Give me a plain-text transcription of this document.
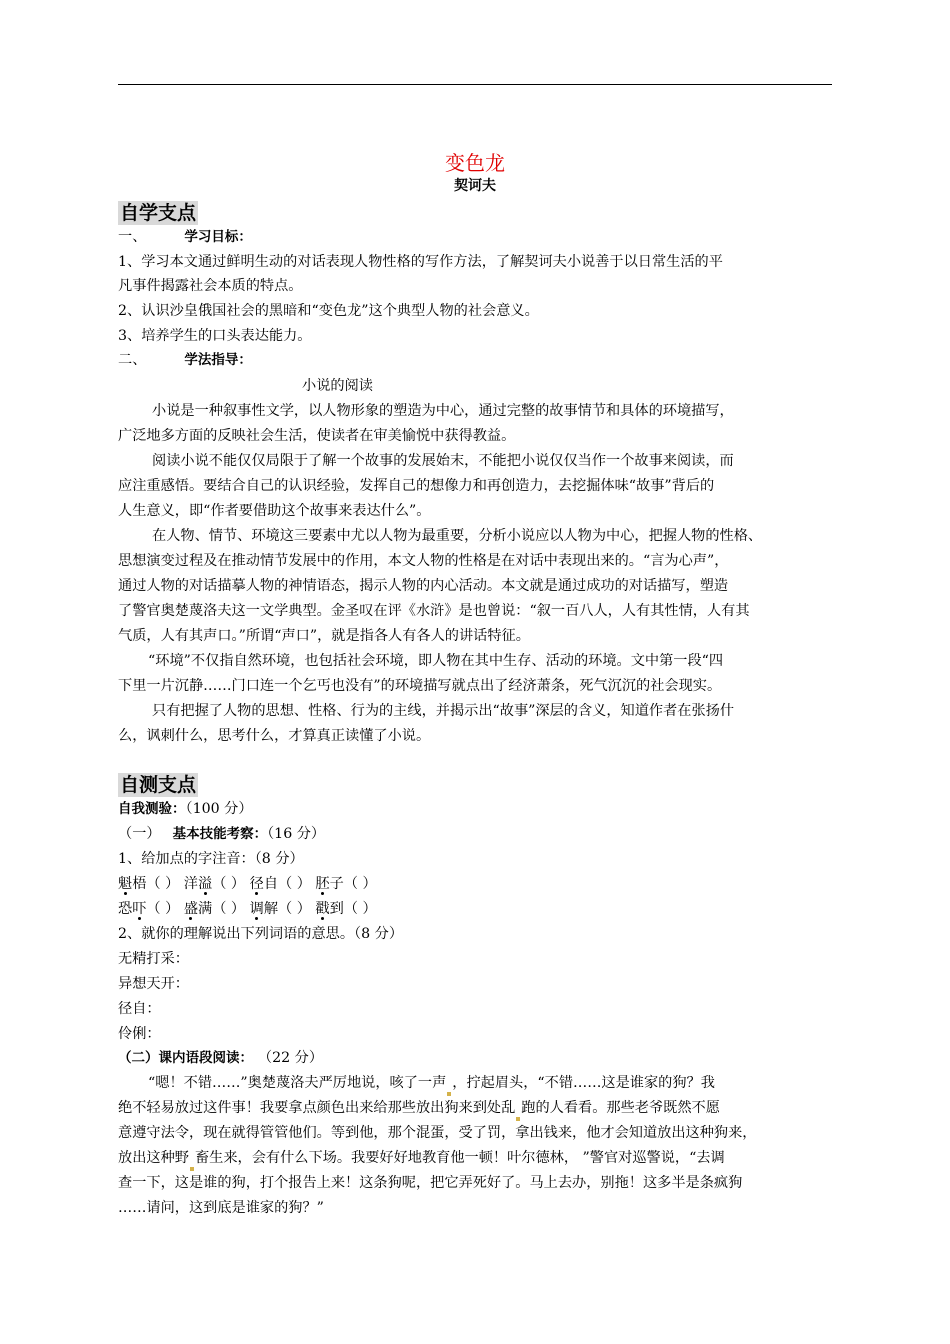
变色龙
契诃夫
自学支点
一、	学习目标：
1、学习本文通过鲜明生动的对话表现人物性格的写作方法，了解契诃夫小说善于以日常生活的平
凡事件揭露社会本质的特点。
2、认识沙皇俄国社会的黑暗和“变色龙”这个典型人物的社会意义。
3、培养学生的口头表达能力。
二、	学法指导：
小说的阅读
小说是一种叙事性文学，以人物形象的塑造为中心，通过完整的故事情节和具体的环境描写，
广泛地多方面的反映社会生活，使读者在审美愉悦中获得教益。
阅读小说不能仅仅局限于了解一个故事的发展始末，不能把小说仅仅当作一个故事来阅读，而
应注重感悟。要结合自己的认识经验，发挥自己的想像力和再创造力，去挖掘体味“故事”背后的
人生意义，即“作者要借助这个故事来表达什么”。
在人物、情节、环境这三要素中尤以人物为最重要，分析小说应以人物为中心，把握人物的性格、
思想演变过程及在推动情节发展中的作用，本文人物的性格是在对话中表现出来的。“言为心声”，
通过人物的对话描摹人物的神情语态，揭示人物的内心活动。本文就是通过成功的对话描写，塑造
了警官奥楚蔑洛夫这一文学典型。金圣叹在评《水浒》是也曾说：“叙一百八人，人有其性情，人有其
气质，人有其声口。”所谓“声口”，就是指各人有各人的讲话特征。
“环境”不仅指自然环境，也包括社会环境，即人物在其中生存、活动的环境。文中第一段“四
下里一片沉静……门口连一个乞丐也没有”的环境描写就点出了经济萧条，死气沉沉的社会现实。
只有把握了人物的思想、性格、行为的主线，并揭示出“故事”深层的含义，知道作者在张扬什
么，讽刺什么，思考什么，才算真正读懂了小说。
自测支点
自我测验：（100 分）
（一） 基本技能考察：（16 分）
1、给加点的字注音：（8 分）
魁梧（ ） 洋溢（ ） 径自（ ） 胚子（ ）
恐吓（ ） 盛满（ ） 调解（ ） 戳到（ ）
2、就你的理解说出下列词语的意思。（8 分）
无精打采：
异想天开：
径自：
伶俐：
（二）课内语段阅读： （22 分）
“嗯！不错……”奥楚蔑洛夫严厉地说，咳了一声 ，拧起眉头，“不错……这是谁家的狗？我
绝不轻易放过这件事！我要拿点颜色出来给那些放出狗来到处乱 跑的人看看。那些老爷既然不愿
意遵守法令，现在就得管管他们。等到他，那个混蛋，受了罚，拿出钱来，他才会知道放出这种狗来，
放出这种野 畜生来，会有什么下场。我要好好地教育他一顿！叶尔德林， ”警官对巡警说，“去调
查一下，这是谁的狗，打个报告上来！这条狗呢，把它弄死好了。马上去办，别拖！这多半是条疯狗
……请问，这到底是谁家的狗？”
